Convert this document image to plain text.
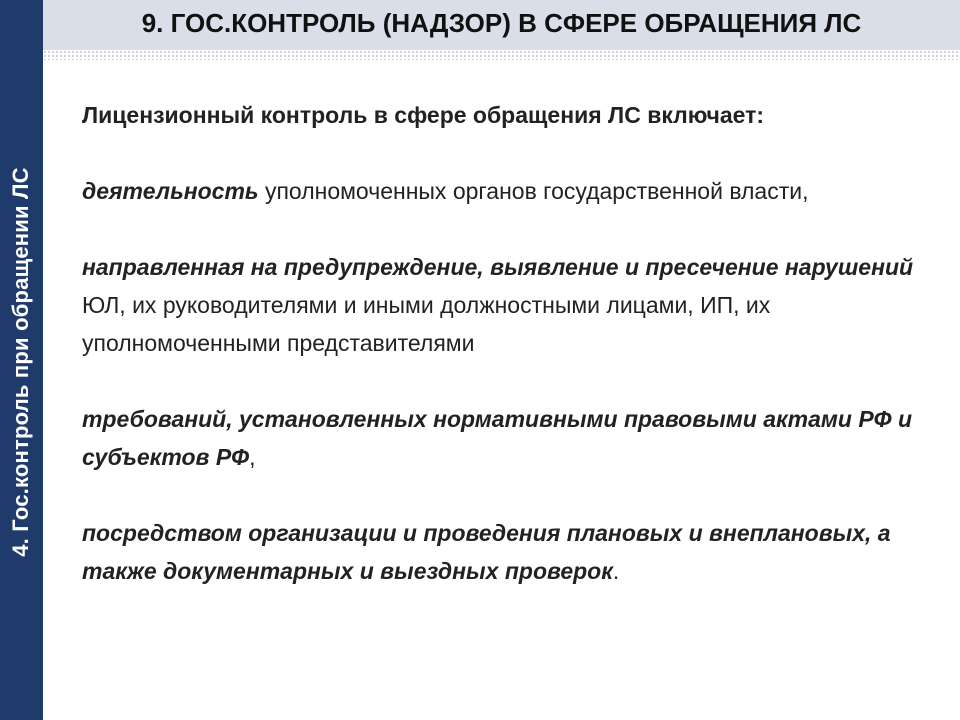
4. Гос.контроль при обращении ЛС
9. ГОС.КОНТРОЛЬ (НАДЗОР) В СФЕРЕ ОБРАЩЕНИЯ ЛС

Лицензионный контроль в сфере обращения ЛС включает:

деятельность уполномоченных органов государственной власти,

направленная на предупреждение, выявление и пресечение нарушений ЮЛ, их руководителями и иными должностными лицами, ИП, их уполномоченными представителями

требований, установленных нормативными правовыми актами РФ и субъектов РФ,

посредством организации и проведения плановых и внеплановых, а также документарных и выездных проверок.
